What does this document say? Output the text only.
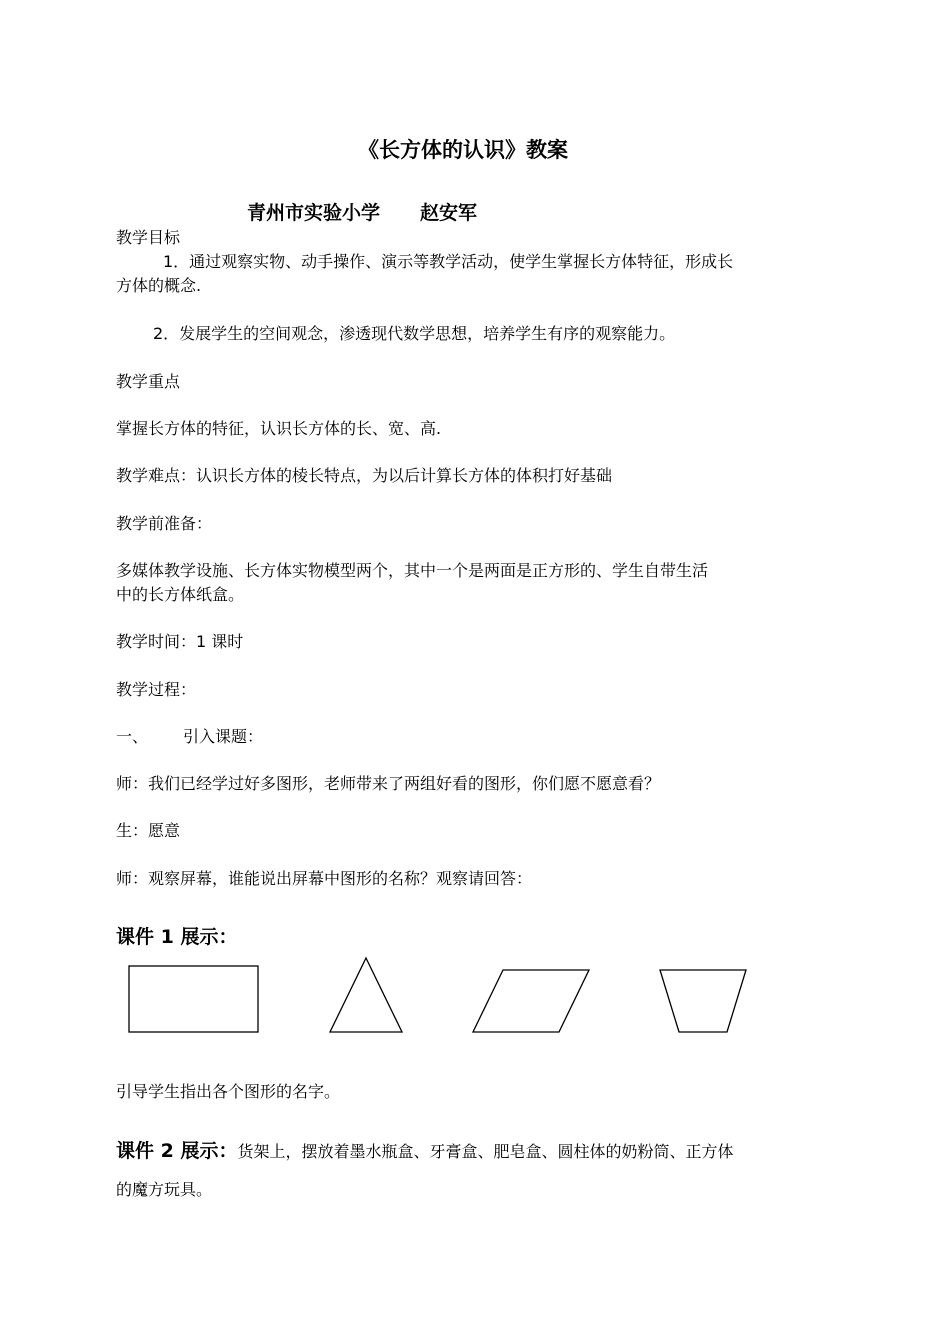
《长方体的认识》教案
青州市实验小学 赵安军
教学目标
1．通过观察实物、动手操作、演示等教学活动，使学生掌握长方体特征，形成长
方体的概念.
2．发展学生的空间观念，渗透现代数学思想，培养学生有序的观察能力。
教学重点
掌握长方体的特征，认识长方体的长、宽、高.
教学难点：认识长方体的棱长特点，为以后计算长方体的体积打好基础
教学前准备：
多媒体教学设施、长方体实物模型两个，其中一个是两面是正方形的、学生自带生活
中的长方体纸盒。
教学时间：1 课时
教学过程：
一、 引入课题：
师：我们已经学过好多图形，老师带来了两组好看的图形，你们愿不愿意看？
生：愿意
师：观察屏幕，谁能说出屏幕中图形的名称？观察请回答：
课件 1 展示：
引导学生指出各个图形的名字。
课件 2 展示：货架上，摆放着墨水瓶盒、牙膏盒、肥皂盒、圆柱体的奶粉筒、正方体
的魔方玩具。
